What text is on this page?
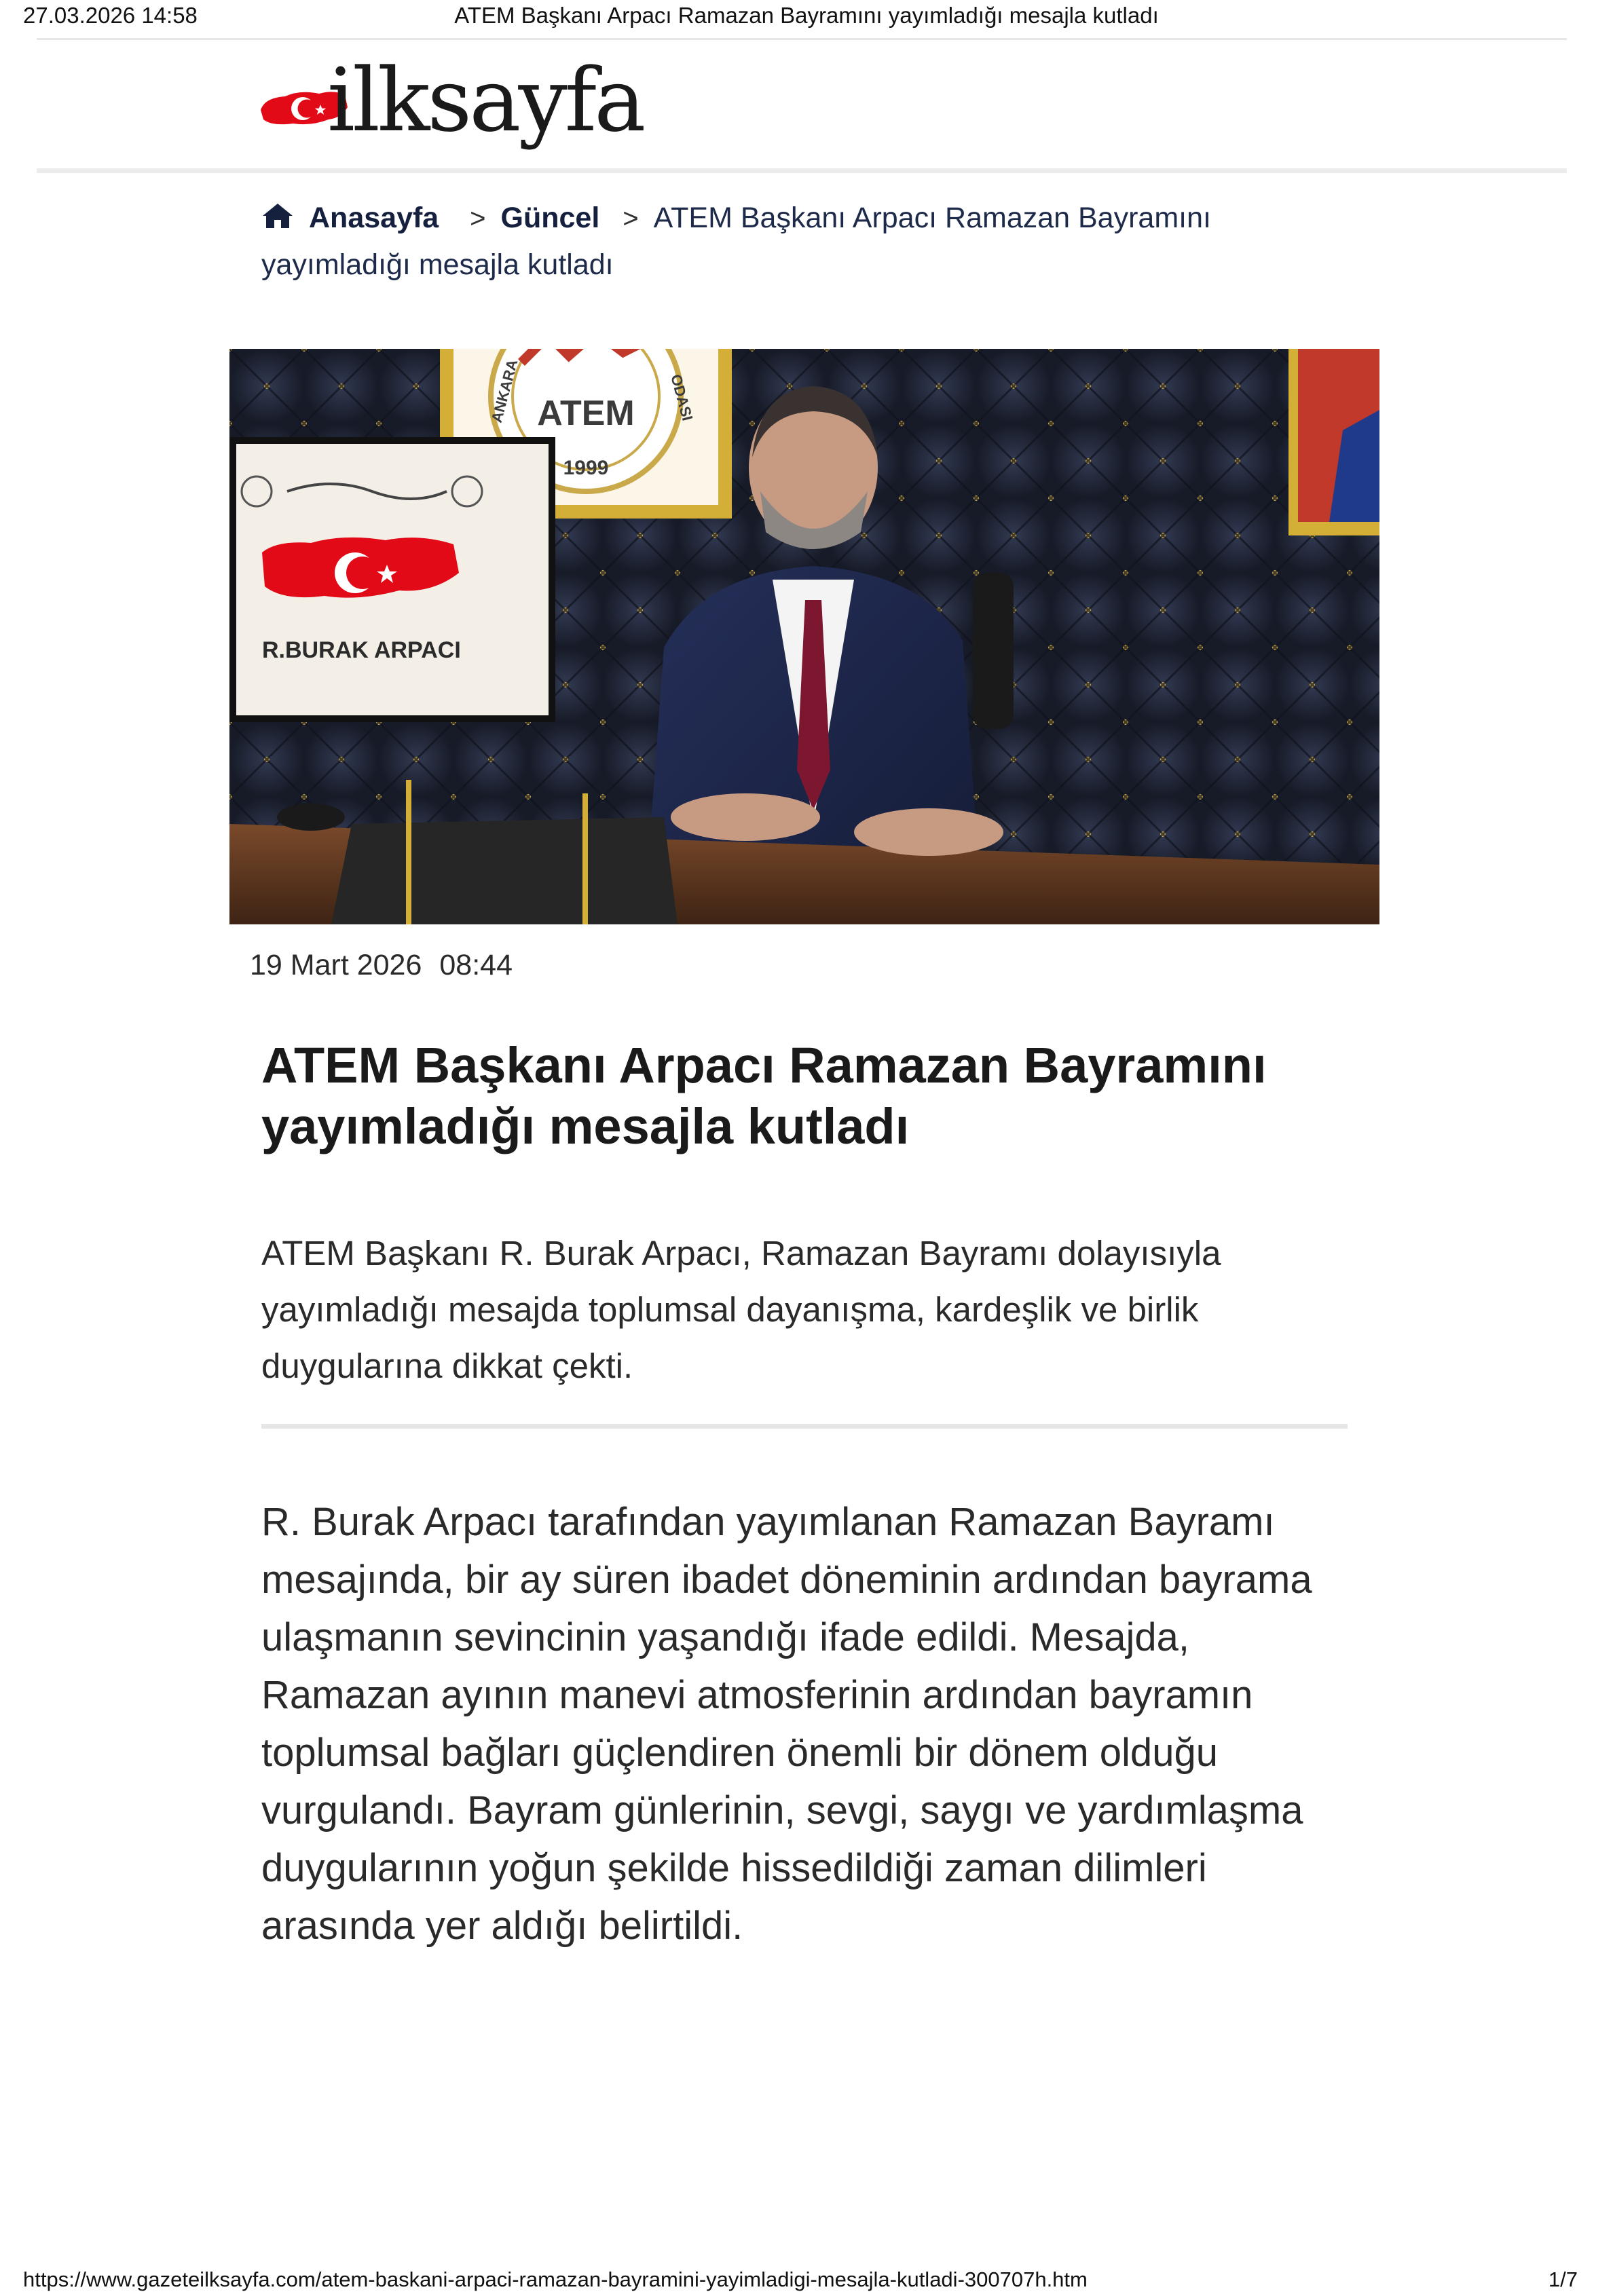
27.03.2026 14:58	ATEM Başkanı Arpacı Ramazan Bayramını yayımladığı mesajla kutladı
ilksayfa
Anasayfa > Güncel > ATEM Başkanı Arpacı Ramazan Bayramını yayımladığı mesajla kutladı
ATEM
1999
ANKARA	ODASI
R.BURAK ARPACI
19 Mart 2026 08:44
ATEM Başkanı Arpacı Ramazan Bayramını yayımladığı mesajla kutladı

ATEM Başkanı R. Burak Arpacı, Ramazan Bayramı dolayısıyla yayımladığı mesajda toplumsal dayanışma, kardeşlik ve birlik duygularına dikkat çekti.

R. Burak Arpacı tarafından yayımlanan Ramazan Bayramı mesajında, bir ay süren ibadet döneminin ardından bayrama ulaşmanın sevincinin yaşandığı ifade edildi. Mesajda, Ramazan ayının manevi atmosferinin ardından bayramın toplumsal bağları güçlendiren önemli bir dönem olduğu vurgulandı. Bayram günlerinin, sevgi, saygı ve yardımlaşma duygularının yoğun şekilde hissedildiği zaman dilimleri arasında yer aldığı belirtildi.

https://www.gazeteilksayfa.com/atem-baskani-arpaci-ramazan-bayramini-yayimladigi-mesajla-kutladi-300707h.htm	1/7
